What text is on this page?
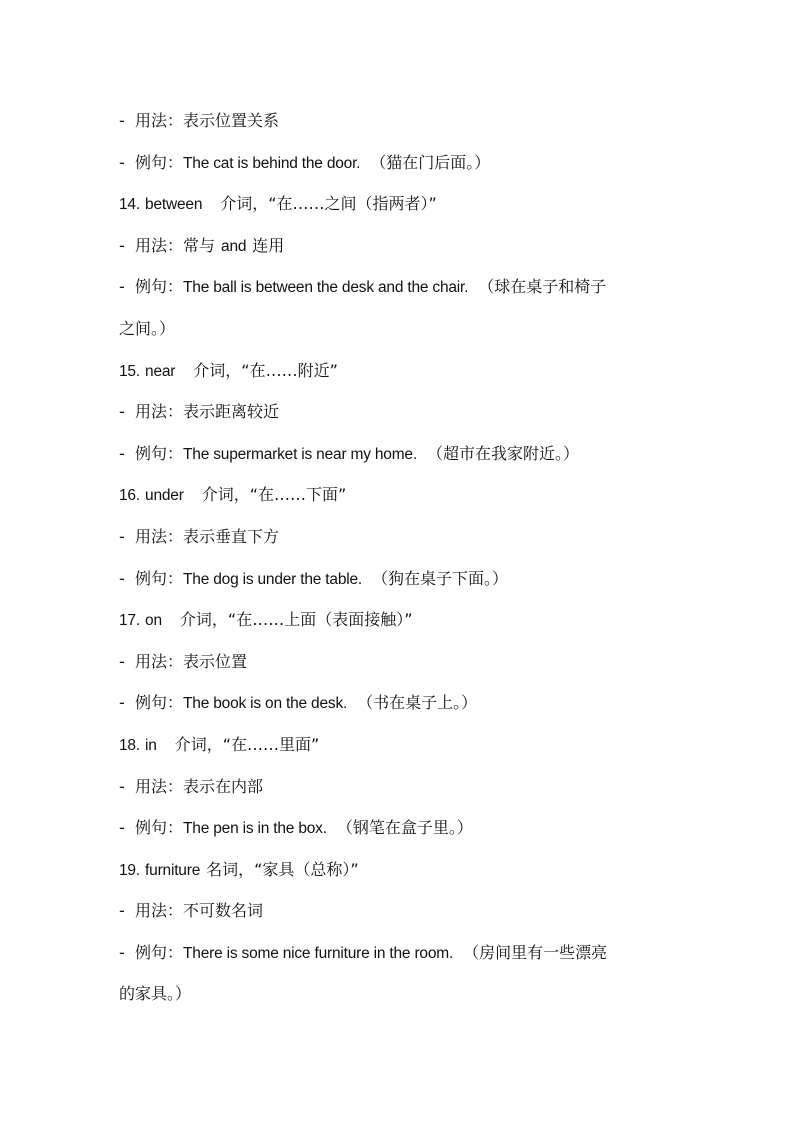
- 用法：表示位置关系
- 例句：The cat is behind the door. （猫在门后面。）
14. between 介词，“在……之间（指两者）”
- 用法：常与 and 连用
- 例句：The ball is between the desk and the chair. （球在桌子和椅子
之间。）
15. near 介词，“在……附近”
- 用法：表示距离较近
- 例句：The supermarket is near my home. （超市在我家附近。）
16. under 介词，“在……下面”
- 用法：表示垂直下方
- 例句：The dog is under the table. （狗在桌子下面。）
17. on 介词，“在……上面（表面接触）”
- 用法：表示位置
- 例句：The book is on the desk. （书在桌子上。）
18. in 介词，“在……里面”
- 用法：表示在内部
- 例句：The pen is in the box. （钢笔在盒子里。）
19. furniture 名词，“家具（总称）”
- 用法：不可数名词
- 例句：There is some nice furniture in the room. （房间里有一些漂亮
的家具。）
